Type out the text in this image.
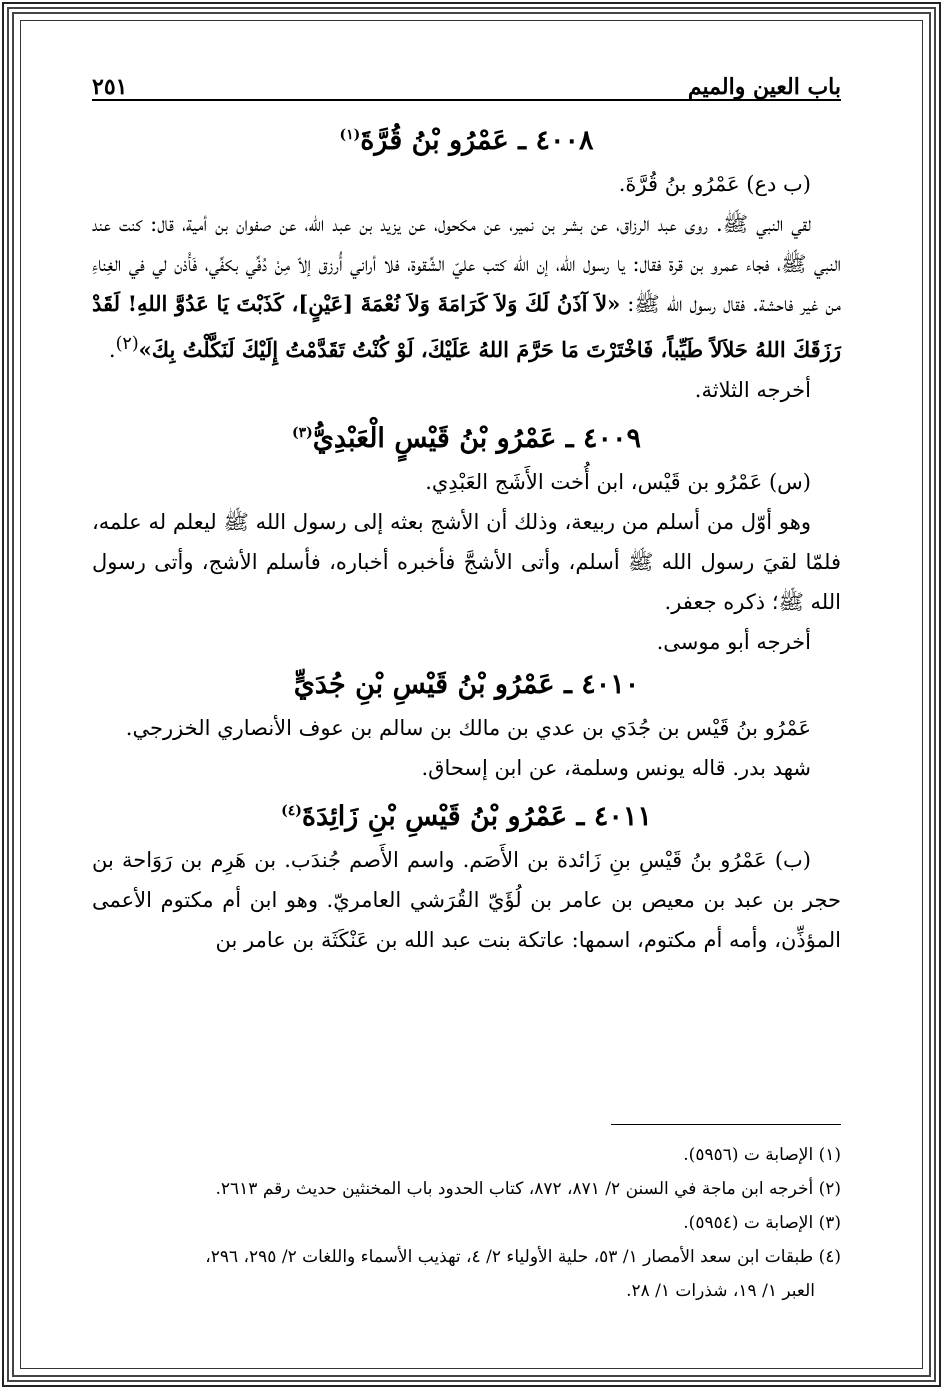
٢٥١	باب العين والميم
٤٠٠٨ ـ عَمْرُو بْنُ قُرَّةَ$^{(١)}$

(ب دع) عَمْرُو بنُ قُرَّةَ.

لقي النبي ﷺ. روى عبد الرزاق، عن بشر بن نمير، عن مكحول، عن يزيد بن عبد الله، عن صفوان بن أمية، قال: كنت عند النبي ﷺ، فجاء عمرو بن قرة فقال: يا رسول الله، إن الله كتب عليّ الشِّقوة، فلا أراني أُرزق إلاّ مِنْ دُفِّي بكفِّي، فَأْذن لي في الغِناءِ من غير فاحشة. فقال رسول الله ﷺ: «لاَ آذَنُ لَكَ وَلاَ كَرَامَةَ وَلاَ نُعْمَةَ [عَيْنٍ]، كَذَبْتَ يَا عَدُوَّ اللهِ! لَقَدْ رَزَقَكَ اللهُ حَلاَلاً طَيِّباً، فَاخْتَرْتَ مَا حَرَّمَ اللهُ عَلَيْكَ، لَوْ كُنْتُ تَقَدَّمْتُ إِلَيْكَ لَنَكَّلْتُ بِكَ»$^{(٢)}$.

أخرجه الثلاثة.

٤٠٠٩ ـ عَمْرُو بْنُ قَيْسٍ الْعَبْدِيُّ$^{(٣)}$

(س) عَمْرُو بن قَيْس، ابن أُخت الأَشَج العَبْدِي.

وهو أوّل من أسلم من ربيعة، وذلك أن الأشج بعثه إلى رسول الله ﷺ ليعلم له علمه، فلمّا لقيَ رسول الله ﷺ أسلم، وأتى الأشجَّ فأخبره أخباره، فأسلم الأشج، وأتى رسول الله ﷺ؛ ذكره جعفر.

أخرجه أبو موسى.

٤٠١٠ ـ عَمْرُو بْنُ قَيْسِ بْنِ جُدَيٍّ

عَمْرُو بنُ قَيْس بن جُدَي بن عدي بن مالك بن سالم بن عوف الأنصاري الخزرجي.

شهد بدر. قاله يونس وسلمة، عن ابن إسحاق.

٤٠١١ ـ عَمْرُو بْنُ قَيْسِ بْنِ زَائِدَةَ$^{(٤)}$

(ب) عَمْرُو بنُ قَيْسِ بنِ زَائدة بن الأَصَم. واسم الأَصم جُندَب. بن هَرِم بن رَوَاحة بن حجر بن عبد بن معيص بن عامر بن لُؤَيّ القُرَشي العامريّ. وهو ابن أم مكتوم الأعمى المؤذِّن، وأمه أم مكتوم، اسمها: عاتكة بنت عبد الله بن عَنْكَثَة بن عامر بن

(١) الإصابة ت (٥٩٥٦).

(٢) أخرجه ابن ماجة في السنن ٢/ ٨٧١، ٨٧٢، كتاب الحدود باب المخنثين حديث رقم ٢٦١٣.

(٣) الإصابة ت (٥٩٥٤).

(٤) طبقات ابن سعد الأمصار ١/ ٥٣، حلية الأولياء ٢/ ٤، تهذيب الأسماء واللغات ٢/ ٢٩٥، ٢٩٦،

العبر ١/ ١٩، شذرات ١/ ٢٨.
